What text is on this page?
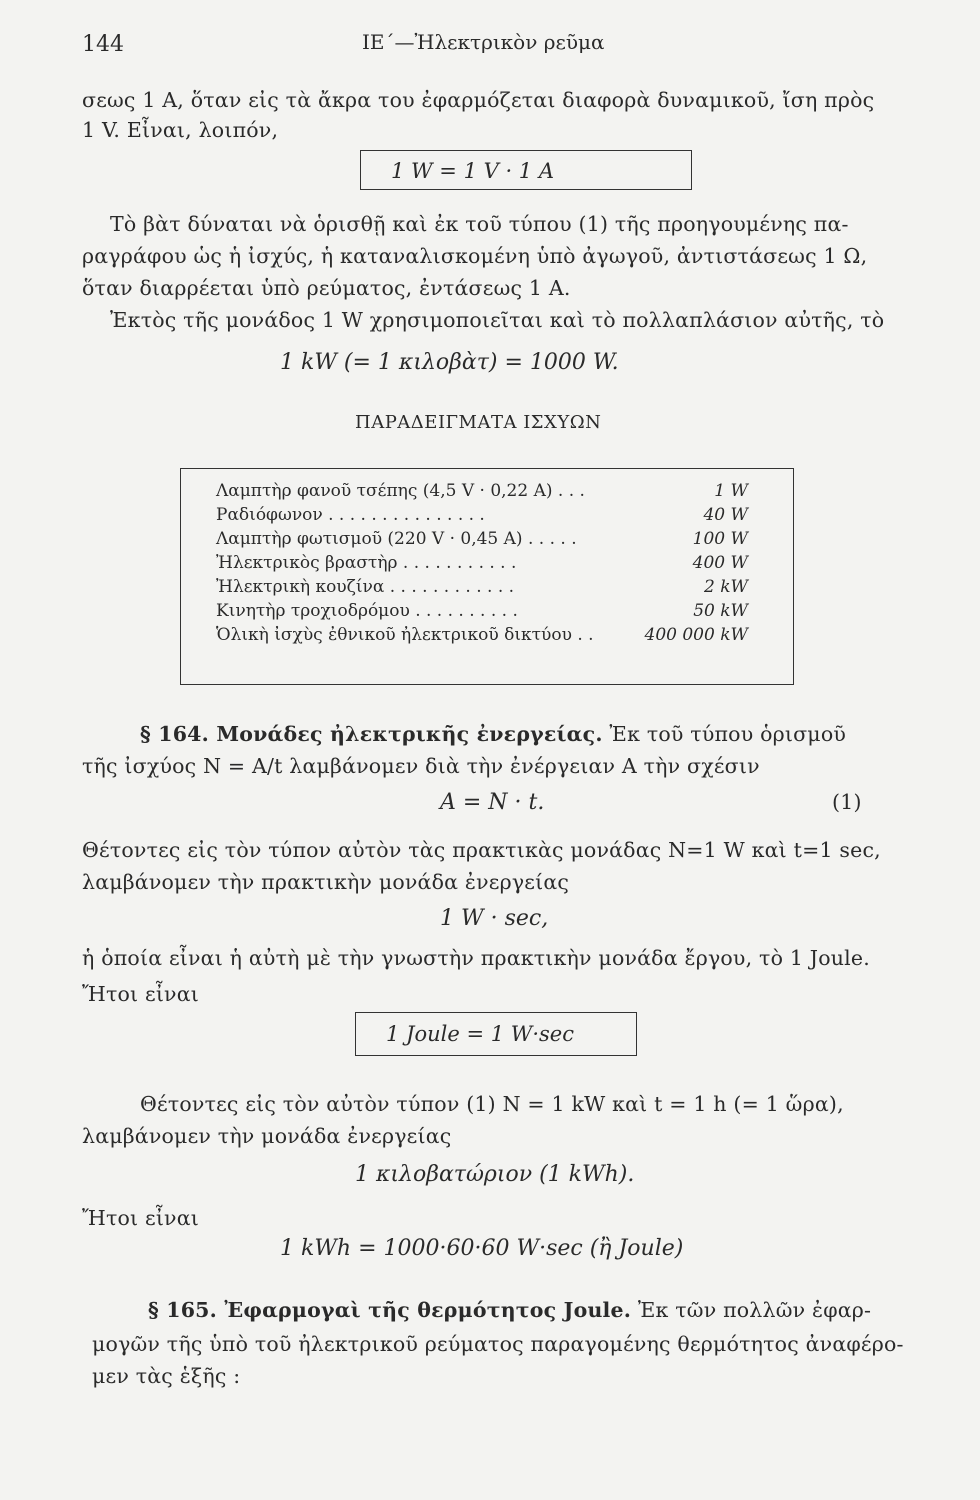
144	ΙΕ΄—Ἠλεκτρικὸν ρεῦμα
σεως 1 A, ὅταν εἰς τὰ ἄκρα του ἐφαρμόζεται διαφορὰ δυναμικοῦ, ἴση πρὸς
1 V. Εἶναι, λοιπόν,
1 W = 1 V · 1 A
Τὸ βὰτ δύναται νὰ ὁρισθῇ καὶ ἐκ τοῦ τύπου (1) τῆς προηγουμένης πα-
ραγράφου ὡς ἡ ἰσχύς, ἡ καταναλισκομένη ὑπὸ ἀγωγοῦ, ἀντιστάσεως 1 Ω,
ὅταν διαρρέεται ὑπὸ ρεύματος, ἐντάσεως 1 A.
Ἐκτὸς τῆς μονάδος 1 W χρησιμοποιεῖται καὶ τὸ πολλαπλάσιον αὐτῆς, τὸ
1 kW (= 1 κιλοβὰτ) = 1000 W.
ΠΑΡΑΔΕΙΓΜΑΤΑ ΙΣΧΥΩΝ
Λαμπτὴρ φανοῦ τσέπης (4,5 V · 0,22 A) . . .	1 W
Ραδιόφωνον . . . . . . . . . . . . . . .	40 W
Λαμπτὴρ φωτισμοῦ (220 V · 0,45 A) . . . . .	100 W
Ἠλεκτρικὸς βραστὴρ . . . . . . . . . . .	400 W
Ἠλεκτρικὴ κουζίνα . . . . . . . . . . . .	2 kW
Κινητὴρ τροχιοδρόμου . . . . . . . . . .	50 kW
Ὁλικὴ ἰσχὺς ἐθνικοῦ ἠλεκτρικοῦ δικτύου . .	400 000 kW
§ 164. Μονάδες ἠλεκτρικῆς ἐνεργείας. Ἐκ τοῦ τύπου ὁρισμοῦ
τῆς ἰσχύος N = A/t λαμβάνομεν διὰ τὴν ἐνέργειαν A τὴν σχέσιν
A = N · t.	(1)
Θέτοντες εἰς τὸν τύπον αὐτὸν τὰς πρακτικὰς μονάδας N=1 W καὶ t=1 sec,
λαμβάνομεν τὴν πρακτικὴν μονάδα ἐνεργείας
1 W · sec,
ἡ ὁποία εἶναι ἡ αὐτὴ μὲ τὴν γνωστὴν πρακτικὴν μονάδα ἔργου, τὸ 1 Joule.
Ἤτοι εἶναι
1 Joule = 1 W·sec
Θέτοντες εἰς τὸν αὐτὸν τύπον (1) N = 1 kW καὶ t = 1 h (= 1 ὥρα),
λαμβάνομεν τὴν μονάδα ἐνεργείας
1 κιλοβατώριον (1 kWh).
Ἤτοι εἶναι
1 kWh = 1000·60·60 W·sec (ἢ Joule)
§ 165. Ἐφαρμογαὶ τῆς θερμότητος Joule. Ἐκ τῶν πολλῶν ἐφαρ-
μογῶν τῆς ὑπὸ τοῦ ἠλεκτρικοῦ ρεύματος παραγομένης θερμότητος ἀναφέρο-
μεν τὰς ἑξῆς :
